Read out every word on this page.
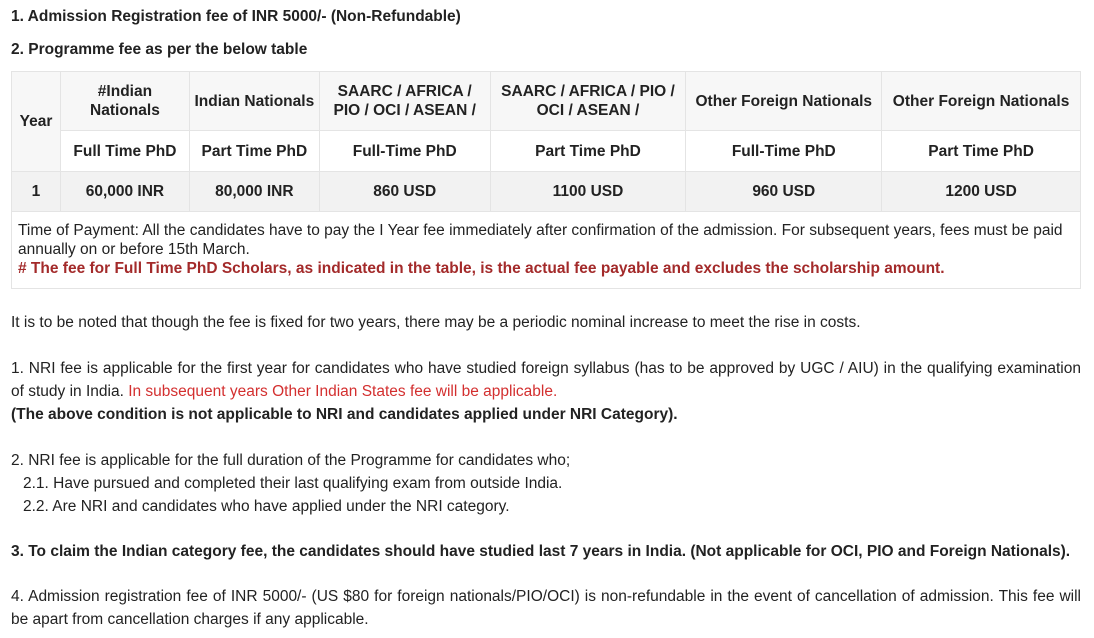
1. Admission Registration fee of INR 5000/- (Non-Refundable)
2. Programme fee as per the below table
Year	#Indian Nationals	Indian Nationals	SAARC / AFRICA / PIO / OCI / ASEAN /	SAARC / AFRICA / PIO / OCI / ASEAN /	Other Foreign Nationals	Other Foreign Nationals
	Full Time PhD	Part Time PhD	Full-Time PhD	Part Time PhD	Full-Time PhD	Part Time PhD
1	60,000 INR	80,000 INR	860 USD	1100 USD	960 USD	1200 USD
Time of Payment: All the candidates have to pay the I Year fee immediately after confirmation of the admission. For subsequent years, fees must be paid annually on or before 15th March.
# The fee for Full Time PhD Scholars, as indicated in the table, is the actual fee payable and excludes the scholarship amount.						
It is to be noted that though the fee is fixed for two years, there may be a periodic nominal increase to meet the rise in costs.
1. NRI fee is applicable for the first year for candidates who have studied foreign syllabus (has to be approved by UGC / AIU) in the qualifying examination of study in India. In subsequent years Other Indian States fee will be applicable.
(The above condition is not applicable to NRI and candidates applied under NRI Category).
2. NRI fee is applicable for the full duration of the Programme for candidates who;
2.1. Have pursued and completed their last qualifying exam from outside India.
2.2. Are NRI and candidates who have applied under the NRI category.
3. To claim the Indian category fee, the candidates should have studied last 7 years in India. (Not applicable for OCI, PIO and Foreign Nationals).
4. Admission registration fee of INR 5000/- (US $80 for foreign nationals/PIO/OCI) is non-refundable in the event of cancellation of admission. This fee will be apart from cancellation charges if any applicable.
